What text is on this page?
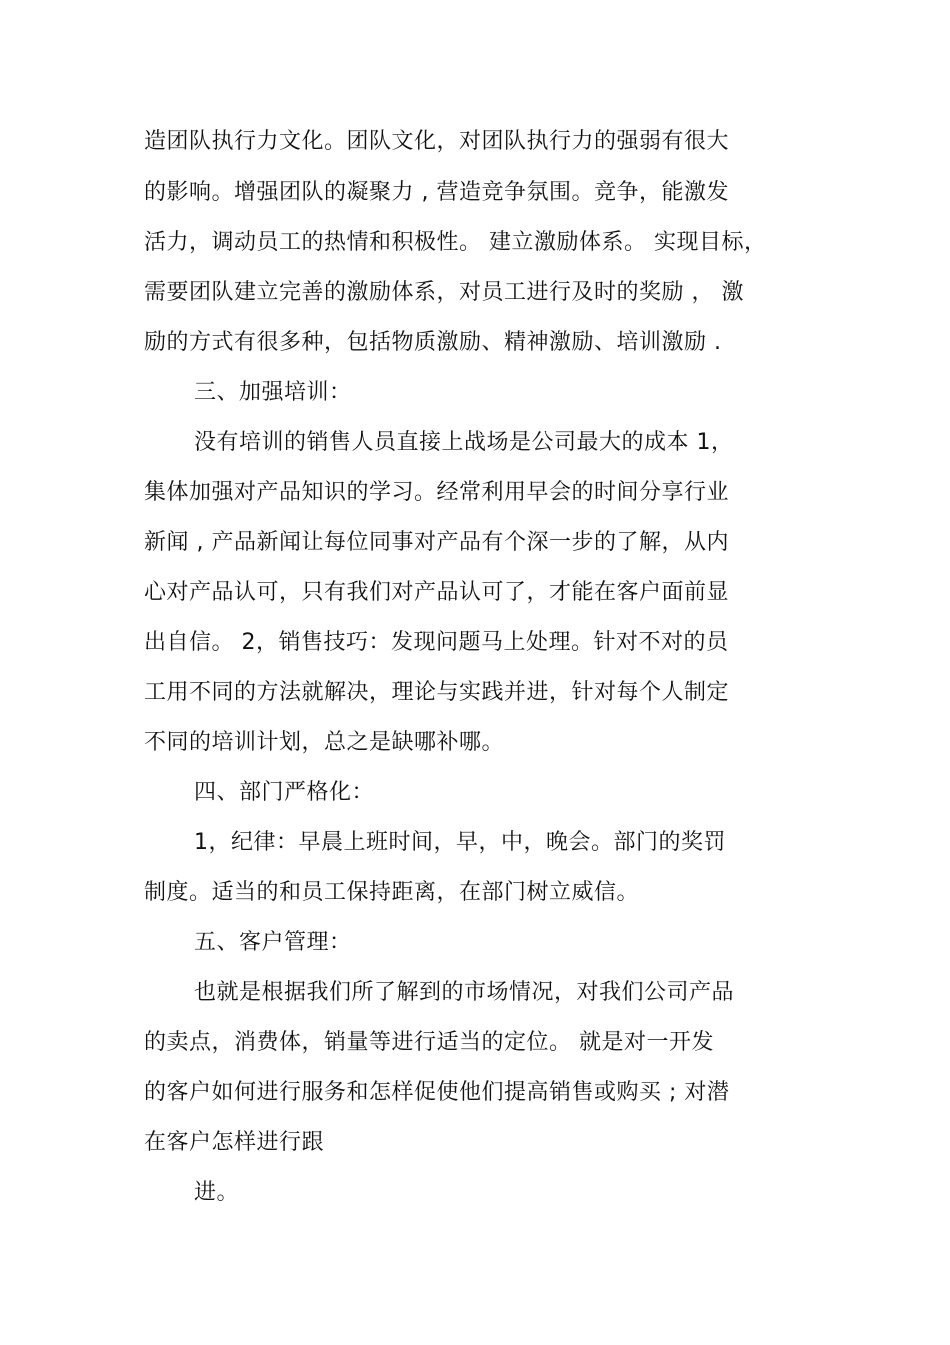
造团队执行力文化。团队文化，对团队执行力的强弱有很大
的影响。增强团队的凝聚力 , 营造竞争氛围。竞争，能激发
活力，调动员工的热情和积极性。 建立激励体系。 实现目标，
需要团队建立完善的激励体系，对员工进行及时的奖励 ， 激
励的方式有很多种，包括物质激励、精神激励、培训激励 .
三、加强培训：
没有培训的销售人员直接上战场是公司最大的成本 1，
集体加强对产品知识的学习。经常利用早会的时间分享行业
新闻 , 产品新闻让每位同事对产品有个深一步的了解，从内
心对产品认可，只有我们对产品认可了，才能在客户面前显
出自信。 2，销售技巧：发现问题马上处理。针对不对的员
工用不同的方法就解决，理论与实践并进，针对每个人制定
不同的培训计划，总之是缺哪补哪。
四、部门严格化：
1，纪律：早晨上班时间，早，中，晚会。部门的奖罚
制度。适当的和员工保持距离，在部门树立威信。
五、客户管理：
也就是根据我们所了解到的市场情况，对我们公司产品
的卖点，消费体，销量等进行适当的定位。 就是对一开发
的客户如何进行服务和怎样促使他们提高销售或购买 ; 对潜
在客户怎样进行跟
进。
